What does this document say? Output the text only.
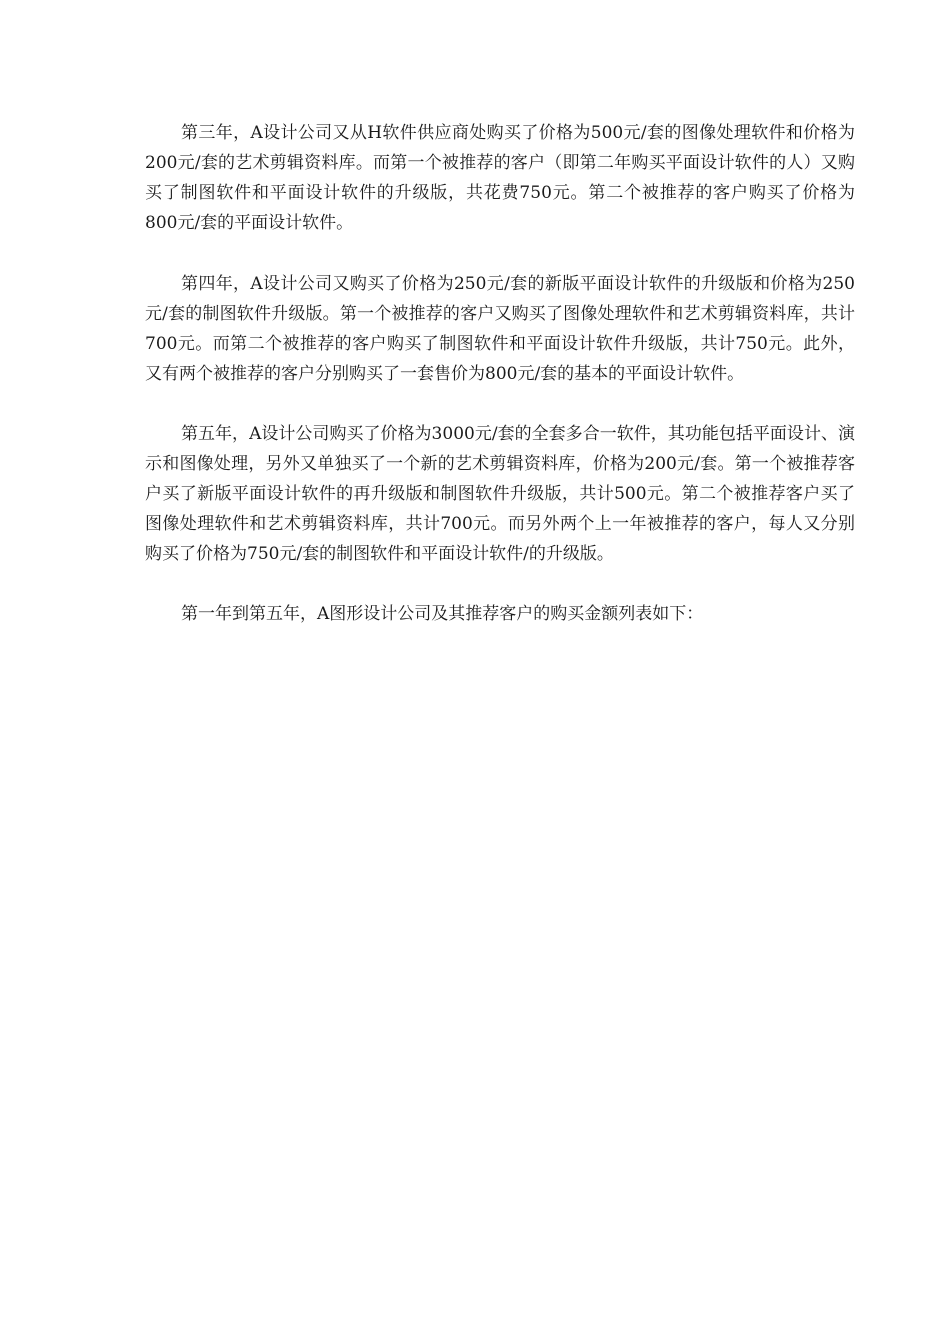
第三年，A设计公司又从H软件供应商处购买了价格为500元/套的图像处理软件和价格为200元/套的艺术剪辑资料库。而第一个被推荐的客户（即第二年购买平面设计软件的人）又购买了制图软件和平面设计软件的升级版，共花费750元。第二个被推荐的客户购买了价格为800元/套的平面设计软件。

第四年，A设计公司又购买了价格为250元/套的新版平面设计软件的升级版和价格为250元/套的制图软件升级版。第一个被推荐的客户又购买了图像处理软件和艺术剪辑资料库，共计700元。而第二个被推荐的客户购买了制图软件和平面设计软件升级版，共计750元。此外，又有两个被推荐的客户分别购买了一套售价为800元/套的基本的平面设计软件。

第五年，A设计公司购买了价格为3000元/套的全套多合一软件，其功能包括平面设计、演示和图像处理，另外又单独买了一个新的艺术剪辑资料库，价格为200元/套。第一个被推荐客户买了新版平面设计软件的再升级版和制图软件升级版，共计500元。第二个被推荐客户买了图像处理软件和艺术剪辑资料库，共计700元。而另外两个上一年被推荐的客户，每人又分别购买了价格为750元/套的制图软件和平面设计软件/的升级版。

第一年到第五年，A图形设计公司及其推荐客户的购买金额列表如下：
